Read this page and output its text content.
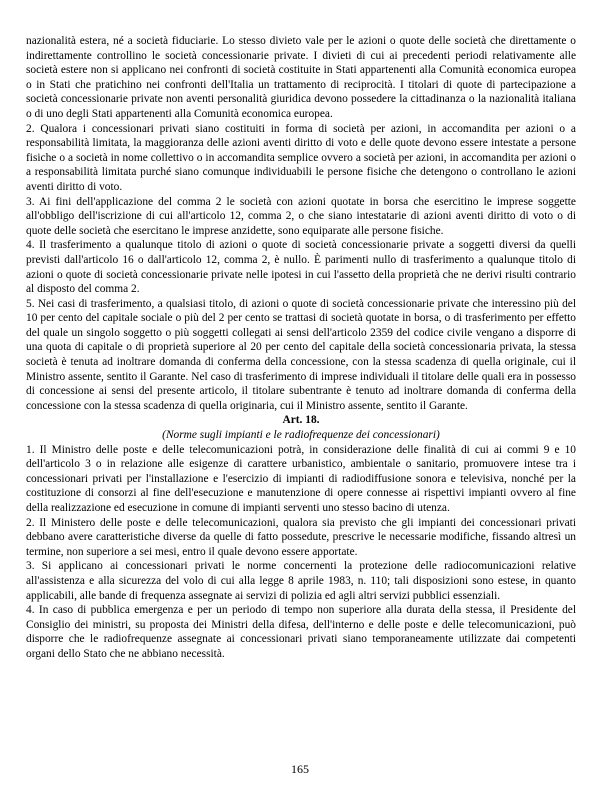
nazionalità estera, né a società fiduciarie. Lo stesso divieto vale per le azioni o quote delle società che direttamente o indirettamente controllino le società concessionarie private. I divieti di cui ai precedenti periodi relativamente alle società estere non si applicano nei confronti di società costituite in Stati appartenenti alla Comunità economica europea o in Stati che pratichino nei confronti dell'Italia un trattamento di reciprocità. I titolari di quote di partecipazione a società concessionarie private non aventi personalità giuridica devono possedere la cittadinanza o la nazionalità italiana o di uno degli Stati appartenenti alla Comunità economica europea.

2. Qualora i concessionari privati siano costituiti in forma di società per azioni, in accomandita per azioni o a responsabilità limitata, la maggioranza delle azioni aventi diritto di voto e delle quote devono essere intestate a persone fisiche o a società in nome collettivo o in accomandita semplice ovvero a società per azioni, in accomandita per azioni o a responsabilità limitata purché siano comunque individuabili le persone fisiche che detengono o controllano le azioni aventi diritto di voto.

3. Ai fini dell'applicazione del comma 2 le società con azioni quotate in borsa che esercitino le imprese soggette all'obbligo dell'iscrizione di cui all'articolo 12, comma 2, o che siano intestatarie di azioni aventi diritto di voto o di quote delle società che esercitano le imprese anzidette, sono equiparate alle persone fisiche.

4. Il trasferimento a qualunque titolo di azioni o quote di società concessionarie private a soggetti diversi da quelli previsti dall'articolo 16 o dall'articolo 12, comma 2, è nullo. È parimenti nullo di trasferimento a qualunque titolo di azioni o quote di società concessionarie private nelle ipotesi in cui l'assetto della proprietà che ne derivi risulti contrario al disposto del comma 2.

5. Nei casi di trasferimento, a qualsiasi titolo, di azioni o quote di società concessionarie private che interessino più del 10 per cento del capitale sociale o più del 2 per cento se trattasi di società quotate in borsa, o di trasferimento per effetto del quale un singolo soggetto o più soggetti collegati ai sensi dell'articolo 2359 del codice civile vengano a disporre di una quota di capitale o di proprietà superiore al 20 per cento del capitale della società concessionaria privata, la stessa società è tenuta ad inoltrare domanda di conferma della concessione, con la stessa scadenza di quella originale, cui il Ministro assente, sentito il Garante. Nel caso di trasferimento di imprese individuali il titolare delle quali era in possesso di concessione ai sensi del presente articolo, il titolare subentrante è tenuto ad inoltrare domanda di conferma della concessione con la stessa scadenza di quella originaria, cui il Ministro assente, sentito il Garante.

Art. 18.

(Norme sugli impianti e le radiofrequenze dei concessionari)

1. Il Ministro delle poste e delle telecomunicazioni potrà, in considerazione delle finalità di cui ai commi 9 e 10 dell'articolo 3 o in relazione alle esigenze di carattere urbanistico, ambientale o sanitario, promuovere intese tra i concessionari privati per l'installazione e l'esercizio di impianti di radiodiffusione sonora e televisiva, nonché per la costituzione di consorzi al fine dell'esecuzione e manutenzione di opere connesse ai rispettivi impianti ovvero al fine della realizzazione ed esecuzione in comune di impianti serventi uno stesso bacino di utenza.

2. Il Ministero delle poste e delle telecomunicazioni, qualora sia previsto che gli impianti dei concessionari privati debbano avere caratteristiche diverse da quelle di fatto possedute, prescrive le necessarie modifiche, fissando altresì un termine, non superiore a sei mesi, entro il quale devono essere apportate.

3. Si applicano ai concessionari privati le norme concernenti la protezione delle radiocomunicazioni relative all'assistenza e alla sicurezza del volo di cui alla legge 8 aprile 1983, n. 110; tali disposizioni sono estese, in quanto applicabili, alle bande di frequenza assegnate ai servizi di polizia ed agli altri servizi pubblici essenziali.

4. In caso di pubblica emergenza e per un periodo di tempo non superiore alla durata della stessa, il Presidente del Consiglio dei ministri, su proposta dei Ministri della difesa, dell'interno e delle poste e delle telecomunicazioni, può disporre che le radiofrequenze assegnate ai concessionari privati siano temporaneamente utilizzate dai competenti organi dello Stato che ne abbiano necessità.

165
